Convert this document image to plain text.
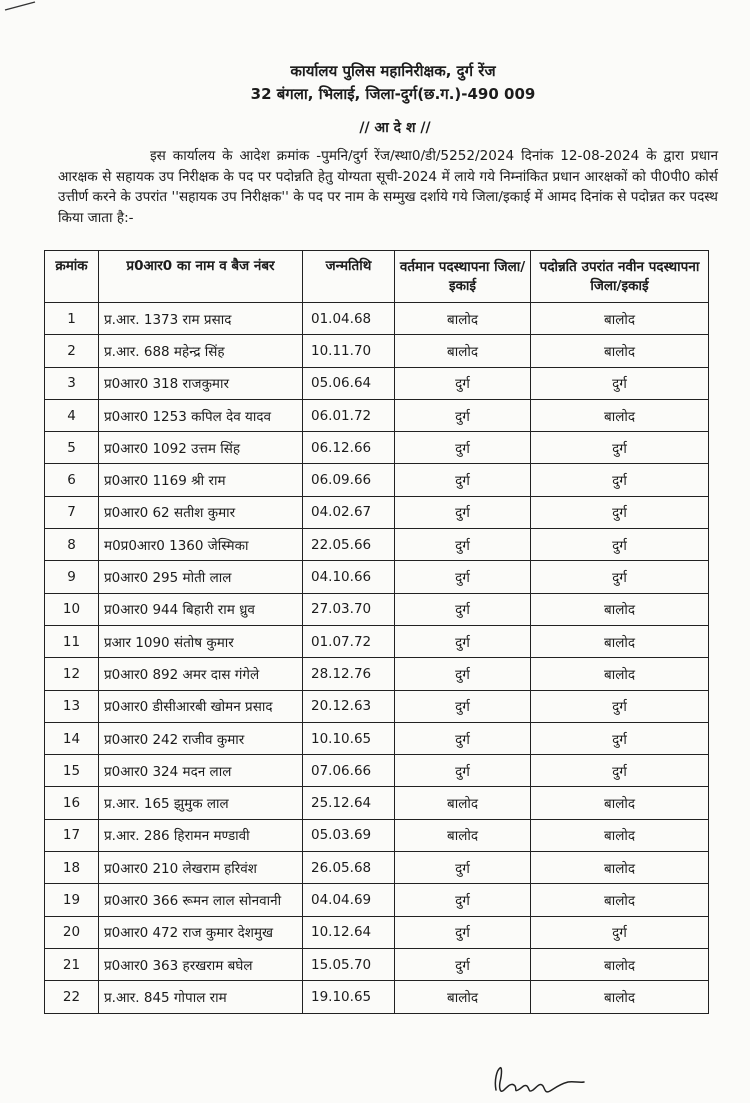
कार्यालय पुलिस महानिरीक्षक, दुर्ग रेंज
32 बंगला, भिलाई, जिला-दुर्ग(छ.ग.)-490 009
// आ दे श //
इस कार्यालय के आदेश क्रमांक -पुमनि/दुर्ग रेंज/स्था0/डी/5252/2024 दिनांक 12-08-2024 के द्वारा प्रधान आरक्षक से सहायक उप निरीक्षक के पद पर पदोन्नति हेतु योग्यता सूची-2024 में लाये गये निम्नांकित प्रधान आरक्षकों को पी0पी0 कोर्स उत्तीर्ण करने के उपरांत ''सहायक उप निरीक्षक'' के पद पर नाम के सम्मुख दर्शाये गये जिला/इकाई में आमद दिनांक से पदोन्नत कर पदस्थ किया जाता है:-
क्रमांक	प्र0आर0 का नाम व बैज नंबर	जन्मतिथि	वर्तमान पदस्थापना जिला/इकाई	पदोन्नति उपरांत नवीन पदस्थापना जिला/इकाई
1	प्र.आर. 1373 राम प्रसाद	01.04.68	बालोद	बालोद
2	प्र.आर. 688 महेन्द्र सिंह	10.11.70	बालोद	बालोद
3	प्र0आर0 318 राजकुमार	05.06.64	दुर्ग	दुर्ग
4	प्र0आर0 1253 कपिल देव यादव	06.01.72	दुर्ग	बालोद
5	प्र0आर0 1092 उत्तम सिंह	06.12.66	दुर्ग	दुर्ग
6	प्र0आर0 1169 श्री राम	06.09.66	दुर्ग	दुर्ग
7	प्र0आर0 62 सतीश कुमार	04.02.67	दुर्ग	दुर्ग
8	म0प्र0आर0 1360 जेस्मिका	22.05.66	दुर्ग	दुर्ग
9	प्र0आर0 295 मोती लाल	04.10.66	दुर्ग	दुर्ग
10	प्र0आर0 944 बिहारी राम ध्रुव	27.03.70	दुर्ग	बालोद
11	प्रआर 1090 संतोष कुमार	01.07.72	दुर्ग	बालोद
12	प्र0आर0 892 अमर दास गंगेले	28.12.76	दुर्ग	बालोद
13	प्र0आर0 डीसीआरबी खोमन प्रसाद	20.12.63	दुर्ग	दुर्ग
14	प्र0आर0 242 राजीव कुमार	10.10.65	दुर्ग	दुर्ग
15	प्र0आर0 324 मदन लाल	07.06.66	दुर्ग	दुर्ग
16	प्र.आर. 165 झुमुक लाल	25.12.64	बालोद	बालोद
17	प्र.आर. 286 हिरामन मण्डावी	05.03.69	बालोद	बालोद
18	प्र0आर0 210 लेखराम हरिवंश	26.05.68	दुर्ग	बालोद
19	प्र0आर0 366 रूमन लाल सोनवानी	04.04.69	दुर्ग	बालोद
20	प्र0आर0 472 राज कुमार देशमुख	10.12.64	दुर्ग	दुर्ग
21	प्र0आर0 363 हरखराम बघेल	15.05.70	दुर्ग	बालोद
22	प्र.आर. 845 गोपाल राम	19.10.65	बालोद	बालोद
